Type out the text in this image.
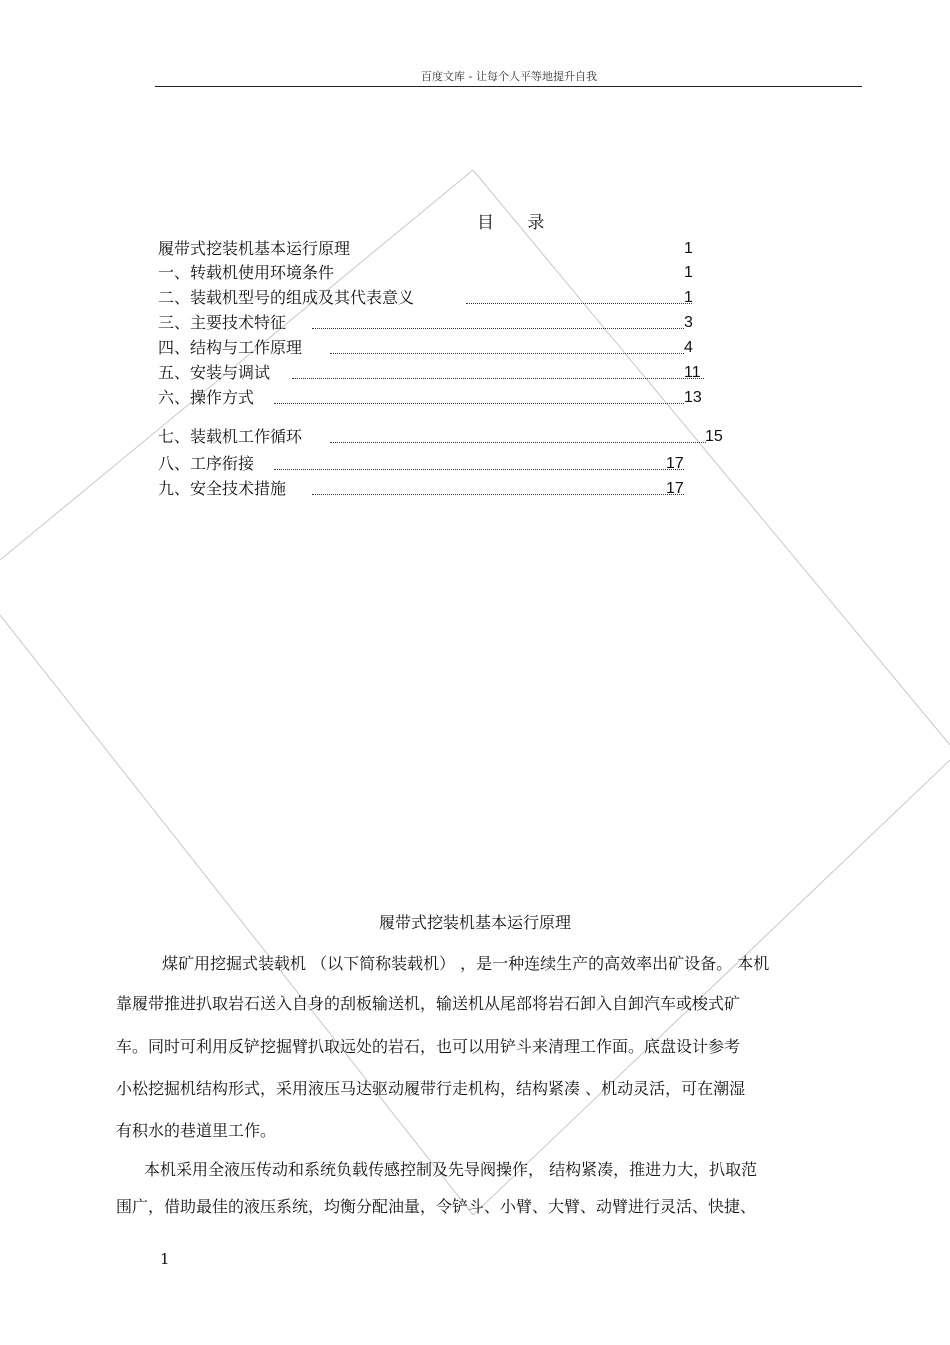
百度文库 - 让每个人平等地提升自我
目 录
履带式挖装机基本运行原理	1
一、转载机使用环境条件	1
二、装载机型号的组成及其代表意义	1
三、主要技术特征	3
四、结构与工作原理	4
五、安装与调试	11
六、操作方式	13
七、装载机工作循环	15
八、工序衔接	17
九、安全技术措施	17
履带式挖装机基本运行原理
煤矿用挖掘式装载机 （以下简称装载机） ，是一种连续生产的高效率出矿设备。 本机
靠履带推进扒取岩石送入自身的刮板输送机，输送机从尾部将岩石卸入自卸汽车或梭式矿
车。同时可利用反铲挖掘臂扒取远处的岩石，也可以用铲斗来清理工作面。底盘设计参考
小松挖掘机结构形式，采用液压马达驱动履带行走机构，结构紧凑 、机动灵活，可在潮湿
有积水的巷道里工作。
本机采用全液压传动和系统负载传感控制及先导阀操作， 结构紧凑，推进力大，扒取范
围广，借助最佳的液压系统，均衡分配油量，令铲斗、小臂、大臂、动臂进行灵活、快捷、
1
